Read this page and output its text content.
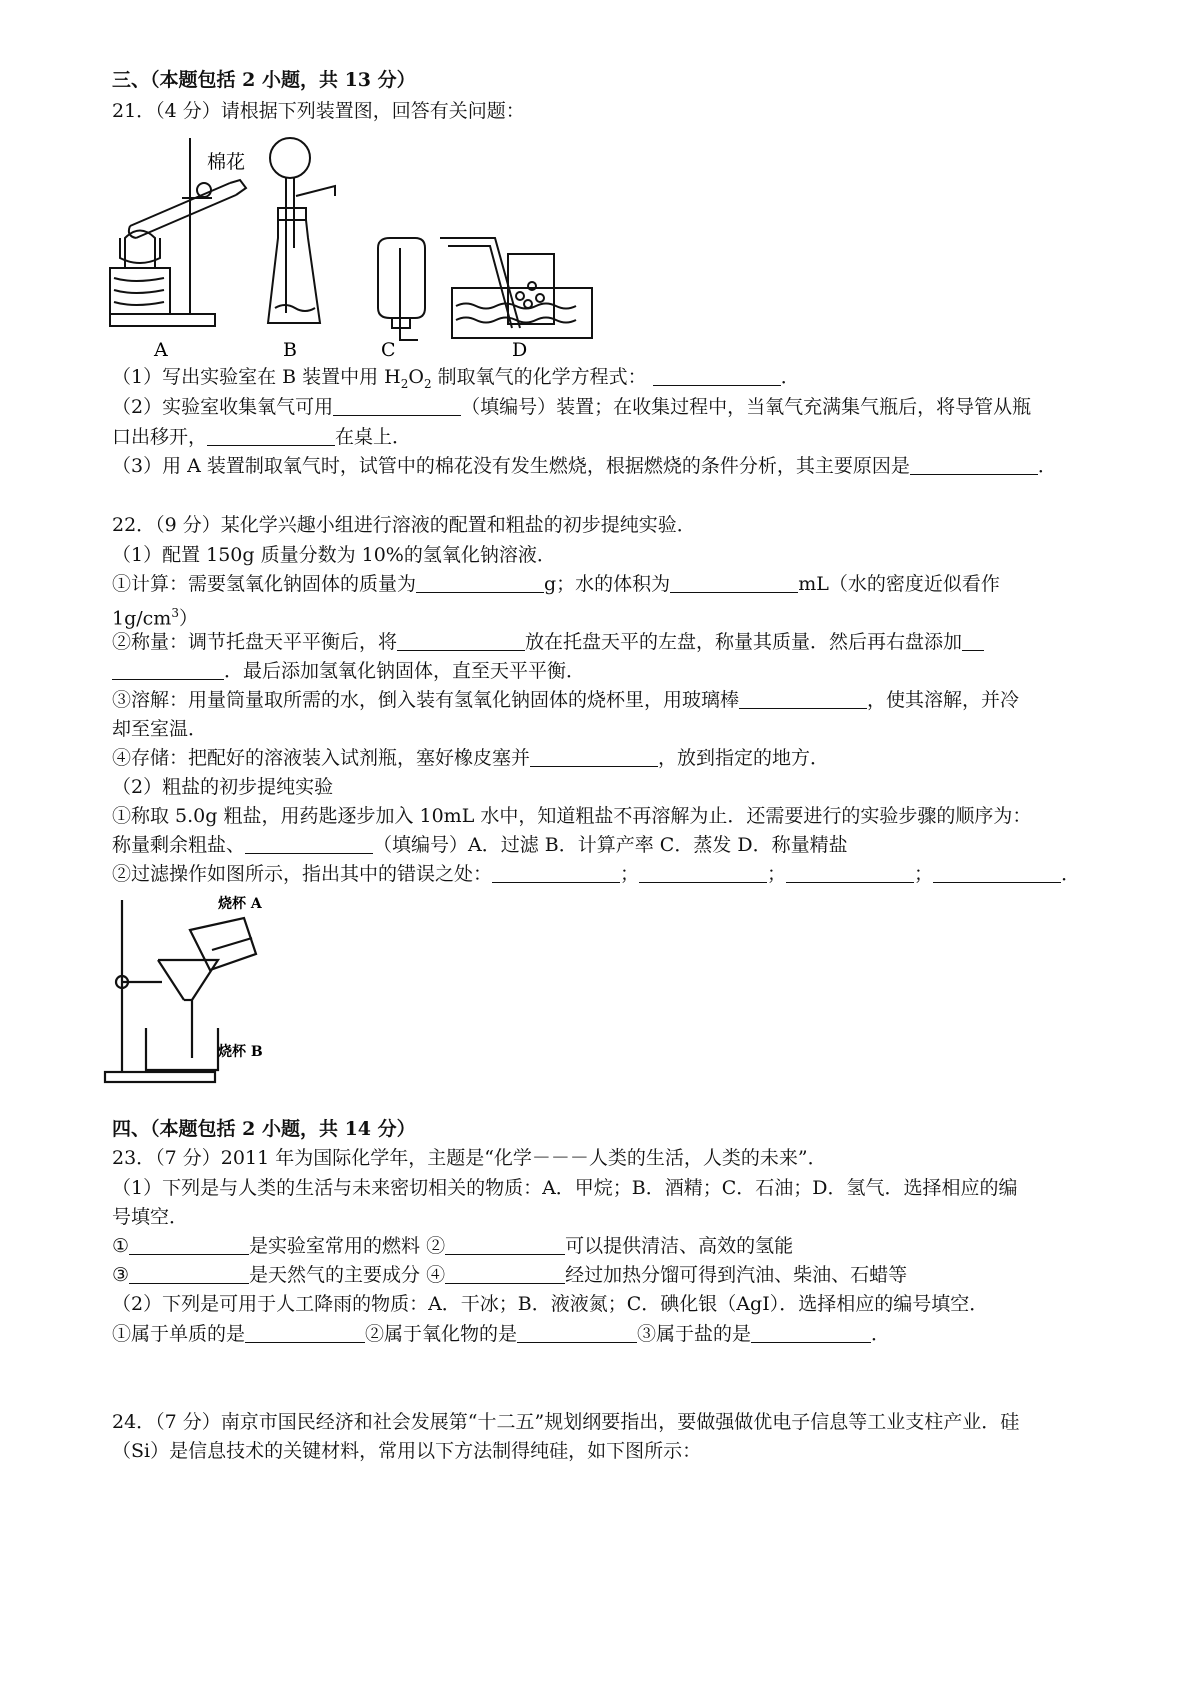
三、（本题包括 2 小题，共 13 分）
21．（4 分）请根据下列装置图，回答有关问题：
棉花
A	B	C	D
（1）写出实验室在 B 装置中用 $H_2O_2$ 制取氧气的化学方程式：	．
（2）实验室收集氧气可用	（填编号）装置；在收集过程中，当氧气充满集气瓶后，将导管从瓶
口出移开，	在桌上．
（3）用 A 装置制取氧气时，试管中的棉花没有发生燃烧，根据燃烧的条件分析，其主要原因是	．
22．（9 分）某化学兴趣小组进行溶液的配置和粗盐的初步提纯实验．
（1）配置 150g 质量分数为 10%的氢氧化钠溶液．
①计算：需要氢氧化钠固体的质量为	g；水的体积为	mL（水的密度近似看作
$1g/cm^3$）
②称量：调节托盘天平平衡后，将	放在托盘天平的左盘，称量其质量．然后再右盘添加
．最后添加氢氧化钠固体，直至天平平衡．
③溶解：用量筒量取所需的水，倒入装有氢氧化钠固体的烧杯里，用玻璃棒	，使其溶解，并冷
却至室温．
④存储：把配好的溶液装入试剂瓶，塞好橡皮塞并	，放到指定的地方．
（2）粗盐的初步提纯实验
①称取 5.0g 粗盐，用药匙逐步加入 10mL 水中，知道粗盐不再溶解为止．还需要进行的实验步骤的顺序为：
称量剩余粗盐、	（填编号）A．过滤 B．计算产率 C．蒸发 D．称量精盐
②过滤操作如图所示，指出其中的错误之处：	；	；	；	．
烧杯 A
烧杯 B
四、（本题包括 2 小题，共 14 分）
23．（7 分）2011 年为国际化学年，主题是“化学－－－人类的生活，人类的未来”．
（1）下列是与人类的生活与未来密切相关的物质：A．甲烷；B．酒精；C．石油；D．氢气．选择相应的编
号填空．
①	是实验室常用的燃料 ②	可以提供清洁、高效的氢能
③	是天然气的主要成分 ④	经过加热分馏可得到汽油、柴油、石蜡等
（2）下列是可用于人工降雨的物质：A．干冰；B．液液氮；C．碘化银（AgI）．选择相应的编号填空．
①属于单质的是	②属于氧化物的是	③属于盐的是	．
24．（7 分）南京市国民经济和社会发展第“十二五”规划纲要指出，要做强做优电子信息等工业支柱产业．硅
（Si）是信息技术的关键材料，常用以下方法制得纯硅，如下图所示：
